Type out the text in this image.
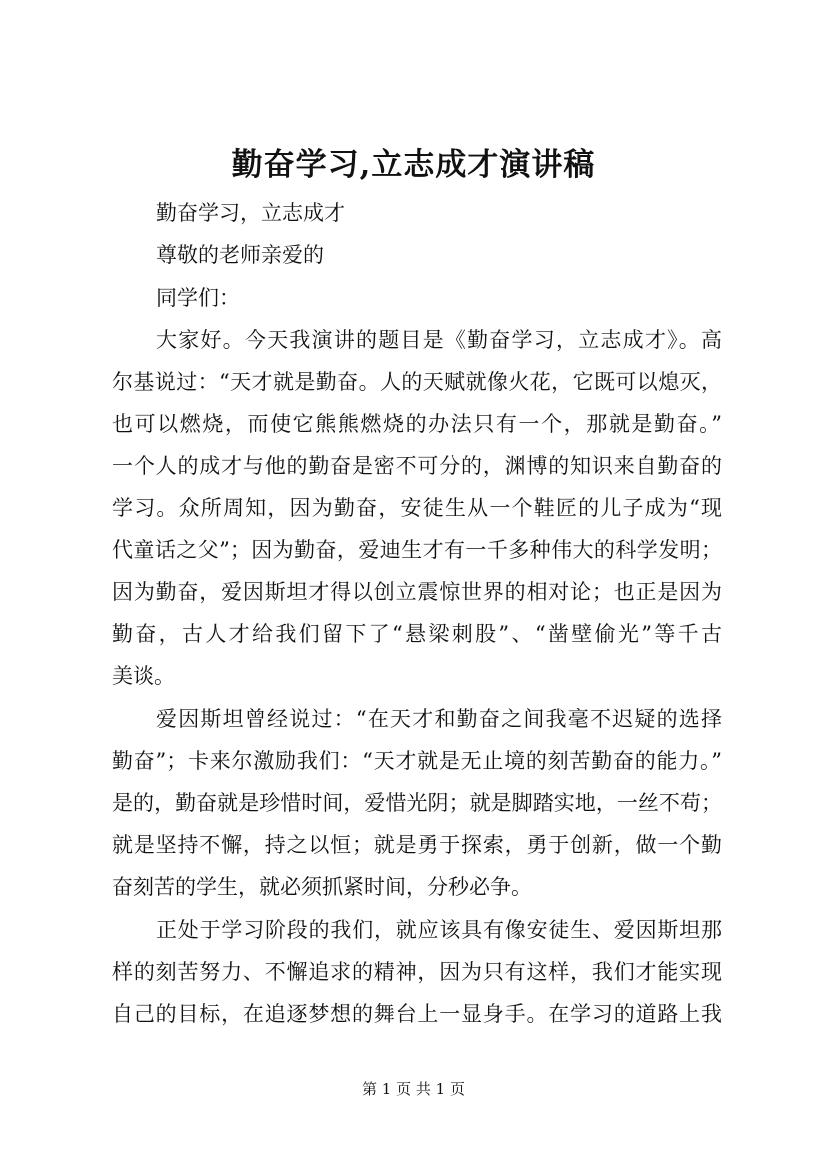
勤奋学习,立志成才演讲稿
勤奋学习，立志成才
尊敬的老师亲爱的
同学们：
大家好。今天我演讲的题目是《勤奋学习，立志成才》。高
尔基说过：“天才就是勤奋。人的天赋就像火花，它既可以熄灭，
也可以燃烧，而使它熊熊燃烧的办法只有一个，那就是勤奋。”
一个人的成才与他的勤奋是密不可分的，渊博的知识来自勤奋的
学习。众所周知，因为勤奋，安徒生从一个鞋匠的儿子成为“现
代童话之父”；因为勤奋，爱迪生才有一千多种伟大的科学发明；
因为勤奋，爱因斯坦才得以创立震惊世界的相对论；也正是因为
勤奋，古人才给我们留下了“悬梁刺股”、“凿壁偷光”等千古
美谈。
爱因斯坦曾经说过：“在天才和勤奋之间我毫不迟疑的选择
勤奋”；卡来尔激励我们：“天才就是无止境的刻苦勤奋的能力。”
是的，勤奋就是珍惜时间，爱惜光阴；就是脚踏实地，一丝不苟；
就是坚持不懈，持之以恒；就是勇于探索，勇于创新，做一个勤
奋刻苦的学生，就必须抓紧时间，分秒必争。
正处于学习阶段的我们，就应该具有像安徒生、爱因斯坦那
样的刻苦努力、不懈追求的精神，因为只有这样，我们才能实现
自己的目标，在追逐梦想的舞台上一显身手。在学习的道路上我
第 1 页 共 1 页
